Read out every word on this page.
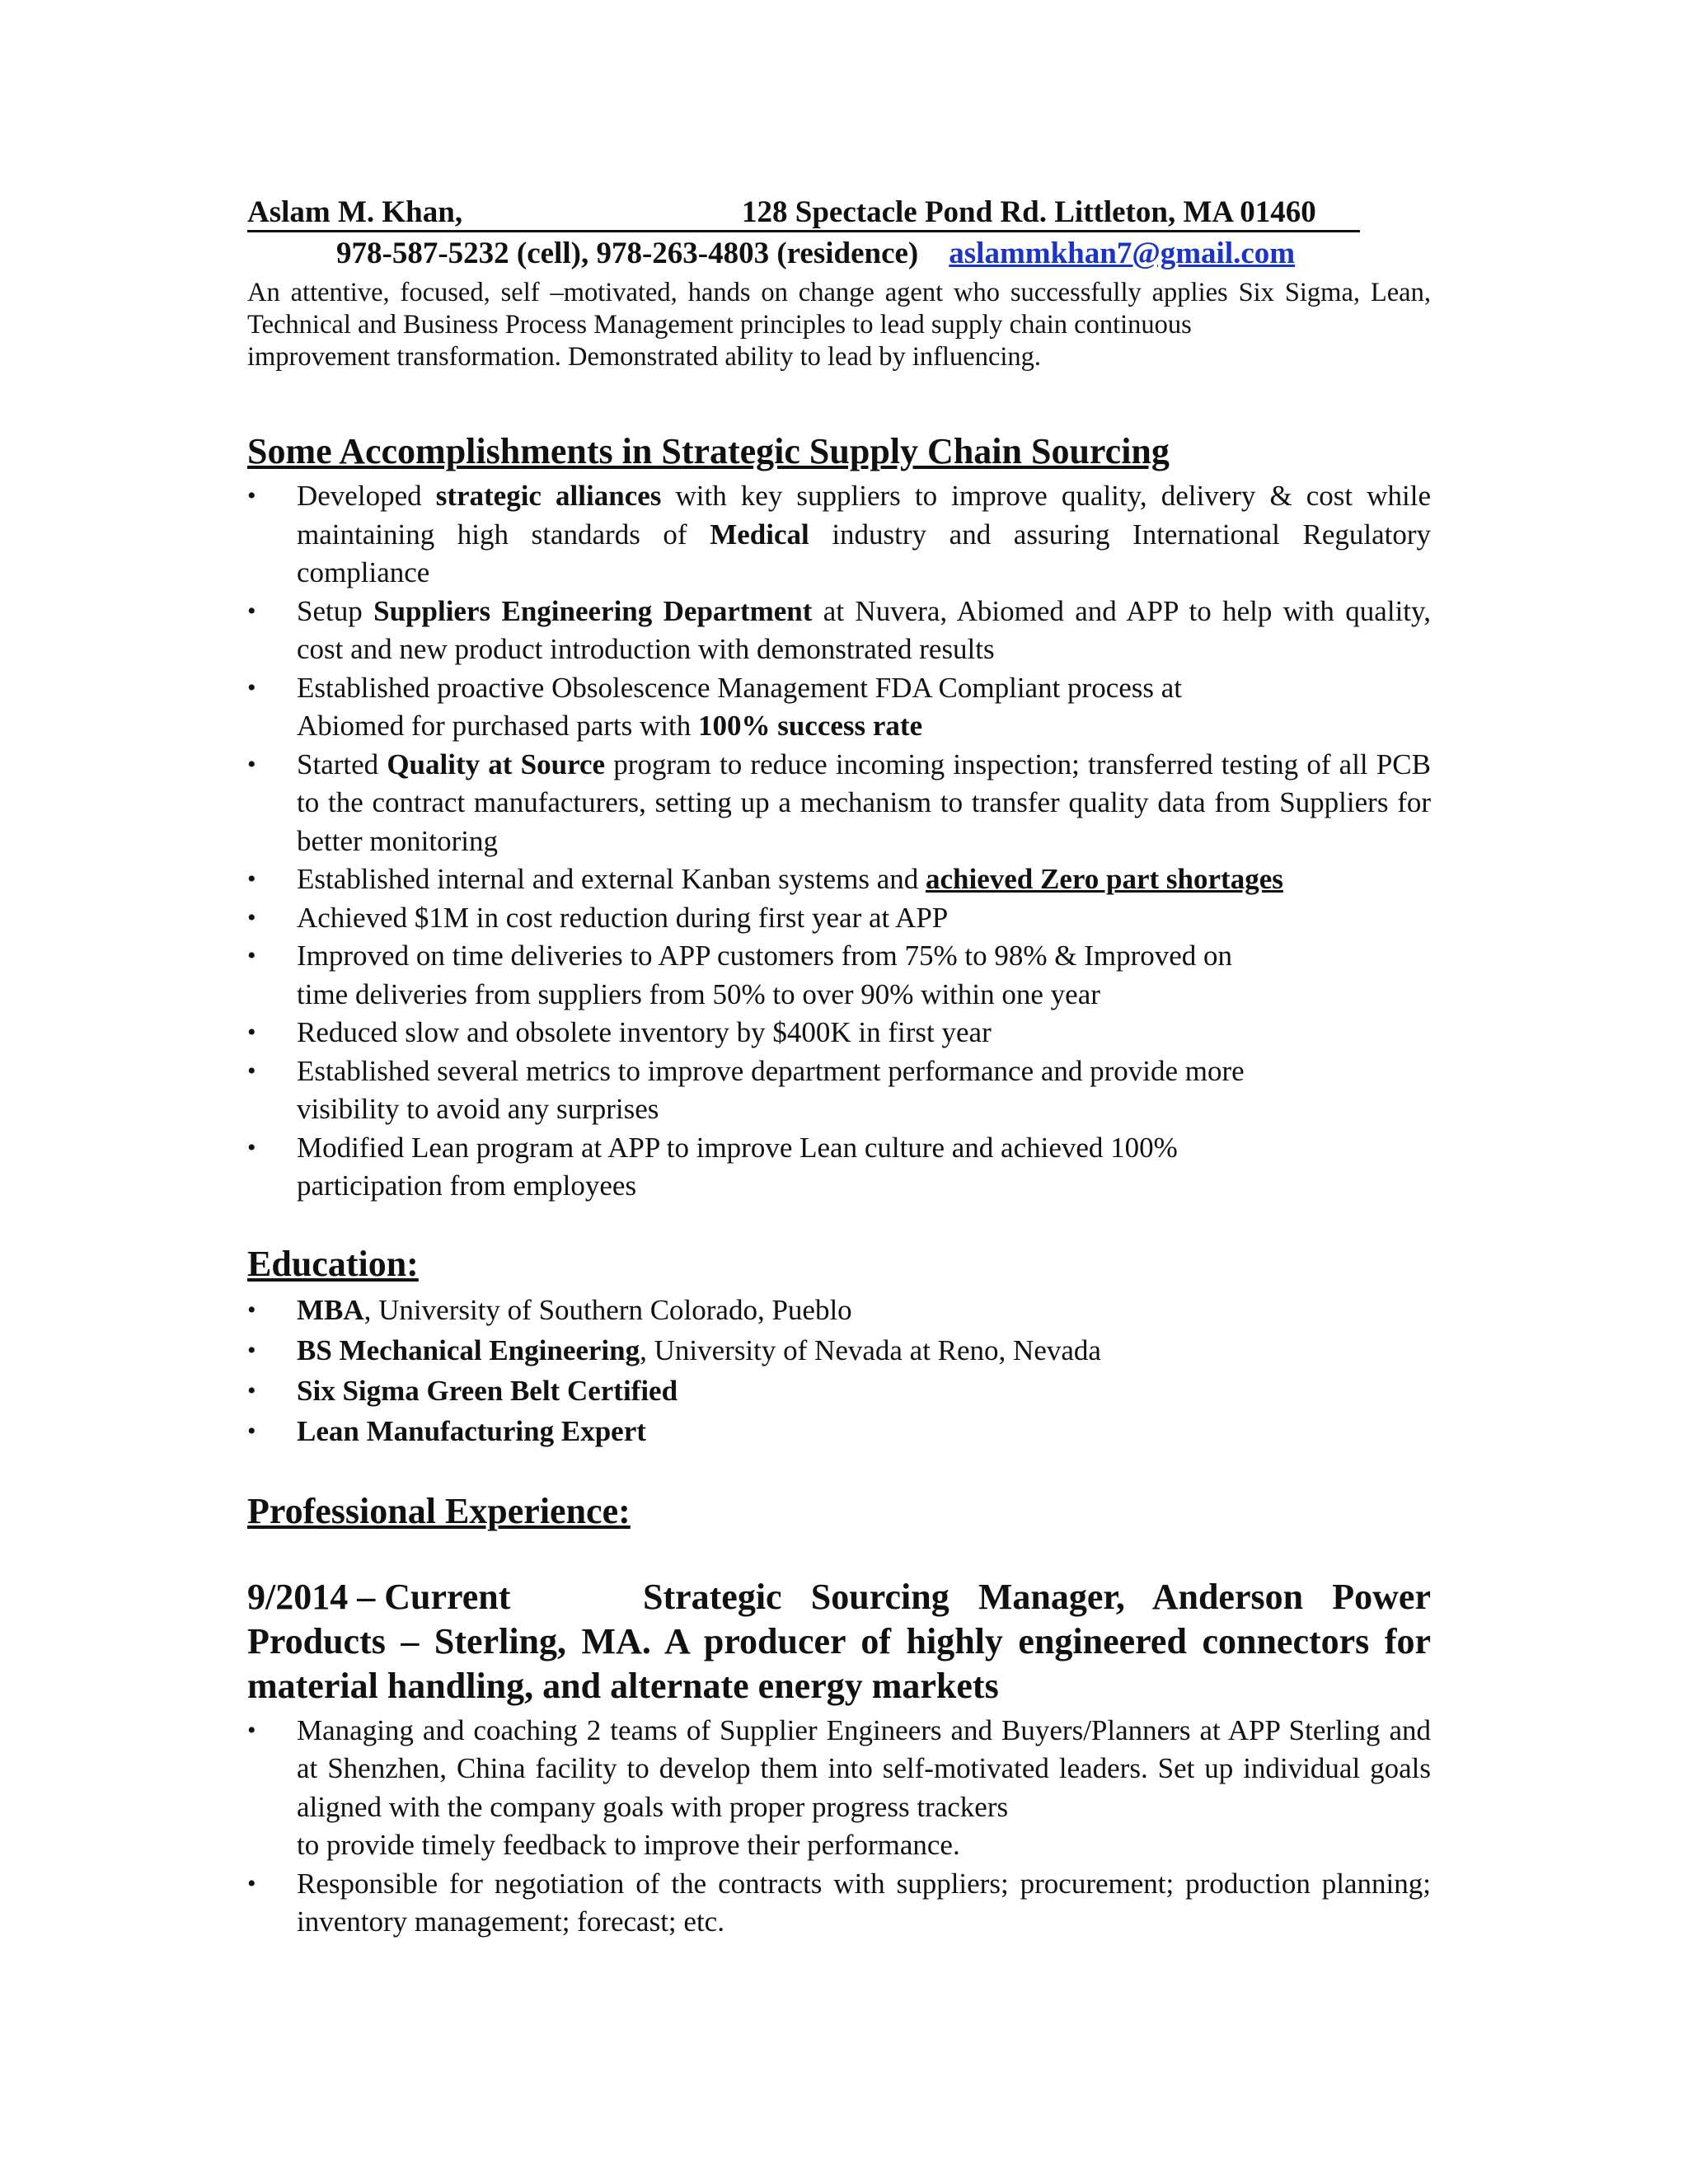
Aslam M. Khan,	128 Spectacle Pond Rd. Littleton, MA 01460
978-587-5232 (cell), 978-263-4803 (residence) aslammkhan7@gmail.com
An attentive, focused, self –motivated, hands on change agent who successfully applies Six Sigma, Lean, Technical and Business Process Management principles to lead supply chain continuous
improvement transformation. Demonstrated ability to lead by influencing.
Some Accomplishments in Strategic Supply Chain Sourcing
• Developed strategic alliances with key suppliers to improve quality, delivery & cost while maintaining high standards of Medical industry and assuring International Regulatory compliance
• Setup Suppliers Engineering Department at Nuvera, Abiomed and APP to help with quality, cost and new product introduction with demonstrated results
• Established proactive Obsolescence Management FDA Compliant process at
Abiomed for purchased parts with 100% success rate
• Started Quality at Source program to reduce incoming inspection; transferred testing of all PCB to the contract manufacturers, setting up a mechanism to transfer quality data from Suppliers for better monitoring
• Established internal and external Kanban systems and achieved Zero part shortages
• Achieved $1M in cost reduction during first year at APP
• Improved on time deliveries to APP customers from 75% to 98% & Improved on
time deliveries from suppliers from 50% to over 90% within one year
• Reduced slow and obsolete inventory by $400K in first year
• Established several metrics to improve department performance and provide more
visibility to avoid any surprises
• Modified Lean program at APP to improve Lean culture and achieved 100%
participation from employees
Education:
• MBA, University of Southern Colorado, Pueblo
• BS Mechanical Engineering, University of Nevada at Reno, Nevada
• Six Sigma Green Belt Certified
• Lean Manufacturing Expert
Professional Experience:
9/2014 – Current	Strategic Sourcing Manager, Anderson Power Products – Sterling, MA. A producer of highly engineered connectors for material handling, and alternate energy markets
• Managing and coaching 2 teams of Supplier Engineers and Buyers/Planners at APP Sterling and at Shenzhen, China facility to develop them into self-motivated leaders. Set up individual goals aligned with the company goals with proper progress trackers
to provide timely feedback to improve their performance.
• Responsible for negotiation of the contracts with suppliers; procurement; production planning; inventory management; forecast; etc.
